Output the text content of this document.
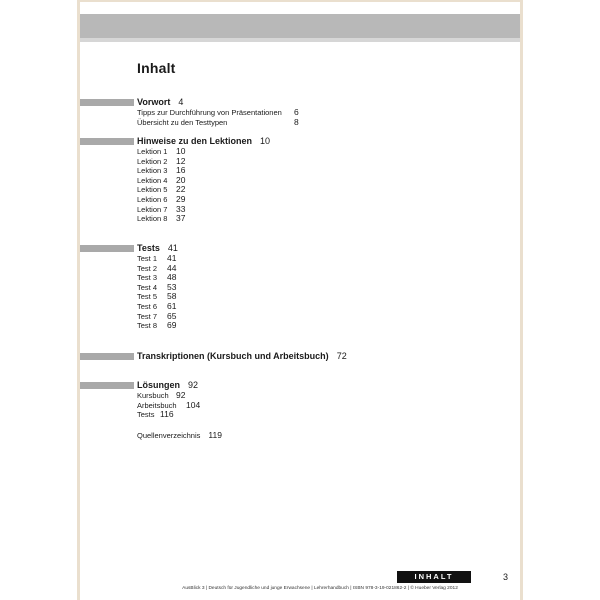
Inhalt
Vorwort 4
Tipps zur Durchführung von Präsentationen 6
Übersicht zu den Testtypen	8
Hinweise zu den Lektionen 10
Lektion 1 10
Lektion 2 12
Lektion 3 16
Lektion 4 20
Lektion 5 22
Lektion 6 29
Lektion 7 33
Lektion 8 37
Tests 41
Test 1 41
Test 2 44
Test 3 48
Test 4 53
Test 5 58
Test 6 61
Test 7 65
Test 8 69
Transkriptionen (Kursbuch und Arbeitsbuch) 72
Lösungen 92
Kursbuch 92
Arbeitsbuch 104
Tests 116
Quellenverzeichnis 119
INHALT	3
AusBlick 3 | Deutsch für Jugendliche und junge Erwachsene | Lehrerhandbuch | ISBN 978-3-19-021862-2 | © Hueber Verlag 2012
